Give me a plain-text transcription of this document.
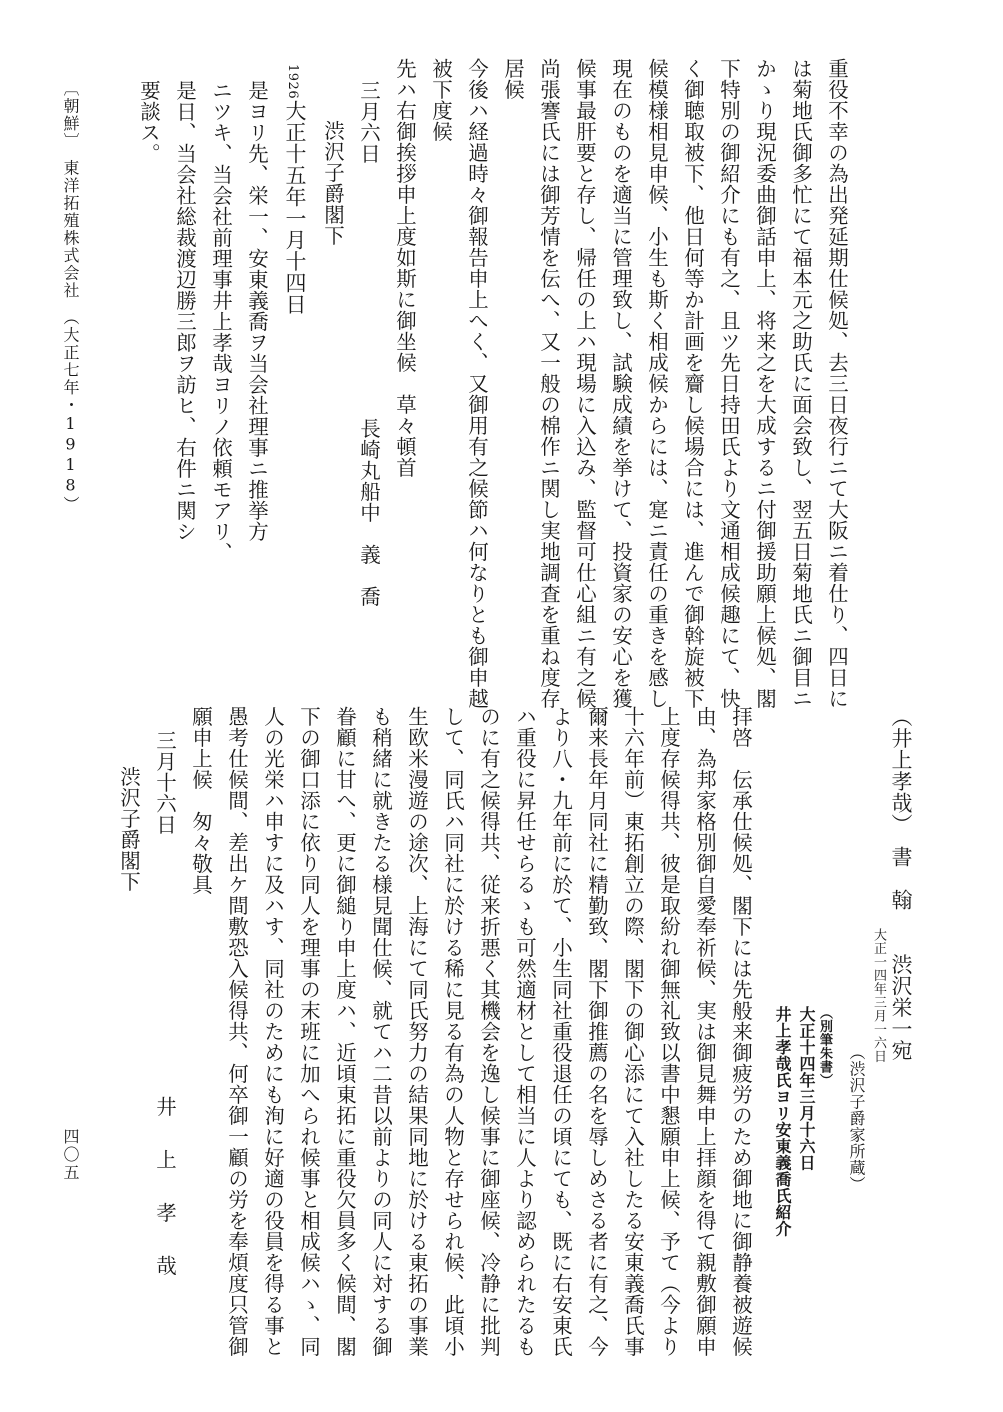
重役不幸の為出発延期仕候処、去三日夜行ニて大阪ニ着仕り、四日に
は菊地氏御多忙にて福本元之助氏に面会致し、翌五日菊地氏ニ御目ニ
かゝり現況委曲御話申上、将来之を大成するニ付御援助願上候処、閣
下特別の御紹介にも有之、且ツ先日持田氏より文通相成候趣にて、快
く御聴取被下、他日何等か計画を齎し候場合には、進んで御斡旋被下
候模様相見申候、小生も斯く相成候からには、寔ニ責任の重きを感し
現在のものを適当に管理致し、試験成績を挙けて、投資家の安心を獲
候事最肝要と存し、帰任の上ハ現場に入込み、監督可仕心組ニ有之候
尚張謇氏には御芳情を伝へ、又一般の棉作ニ関し実地調査を重ね度存
居候
今後ハ経過時々御報告申上へく、又御用有之候節ハ何なりとも御申越
被下度候
先ハ右御挨拶申上度如斯に御坐候　草々頓首
三月六日
長崎丸船中　義　喬
渋沢子爵閣下
1926
大正十五年一月十四日
是ヨリ先、栄一、安東義喬ヲ当会社理事ニ推挙方
ニツキ、当会社前理事井上孝哉ヨリノ依頼モアリ、
是日、当会社総裁渡辺勝三郎ヲ訪ヒ、右件ニ関シ
要談ス。
〔朝鮮〕　東洋拓殖株式会社　（大正七年・1918）
（井上孝哉）　書　翰　　渋沢栄一宛
大正一四年三月一六日
（渋沢子爵家所蔵）
（別筆朱書）
大正十四年三月十六日
井上孝哉氏ヨリ安東義喬氏紹介
拝啓　伝承仕候処、閣下には先般来御疲労のため御地に御静養被遊候
由、為邦家格別御自愛奉祈候、実は御見舞申上拝顔を得て親敷御願申
上度存候得共、彼是取紛れ御無礼致以書中懇願申上候、予て（今より
十六年前）東拓創立の際、閣下の御心添にて入社したる安東義喬氏事
爾来長年月同社に精勤致、閣下御推薦の名を辱しめさる者に有之、今
より八・九年前に於て、小生同社重役退任の頃にても、既に右安東氏
ハ重役に昇任せらるゝも可然適材として相当に人より認められたるも
のに有之候得共、従来折悪く其機会を逸し候事に御座候、冷静に批判
して、同氏ハ同社に於ける稀に見る有為の人物と存せられ候、此頃小
生欧米漫遊の途次、上海にて同氏努力の結果同地に於ける東拓の事業
も稍緒に就きたる様見聞仕候、就てハ二昔以前よりの同人に対する御
眷顧に甘へ、更に御縋り申上度ハ、近頃東拓に重役欠員多く候間、閣
下の御口添に依り同人を理事の末班に加へられ候事と相成候ハゝ、同
人の光栄ハ申すに及ハす、同社のためにも洵に好適の役員を得る事と
愚考仕候間、差出ケ間敷恐入候得共、何卒御一顧の労を奉煩度只管御
願申上候　匆々敬具
三月十六日
井　上　孝　哉
渋沢子爵閣下
四〇五
